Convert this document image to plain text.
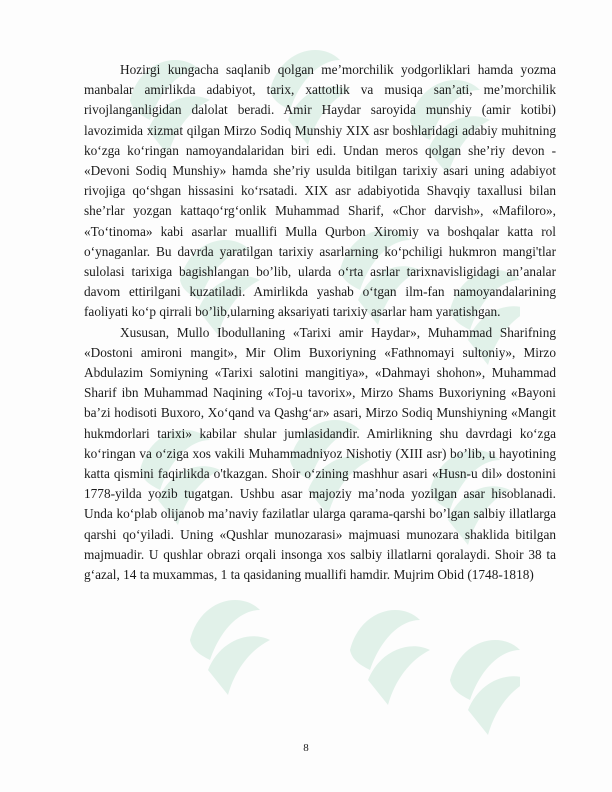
Hozirgi kungacha saqlanib qolgan me’morchilik yodgorliklari hamda yozma manbalar amirlikda adabiyot, tarix, xattotlik va musiqa san’ati, me’morchilik rivojlanganligidan dalolat beradi. Amir Haydar saroyida munshiy (amir kotibi) lavozimida xizmat qilgan Mirzo Sodiq Munshiy XIX asr boshlaridagi adabiy muhitning ko‘zga ko‘ringan namoyandalaridan biri edi. Undan meros qolgan she’riy devon - «Devoni Sodiq Munshiy» hamda she’riy usulda bitilgan tarixiy asari uning adabiyot rivojiga qo‘shgan hissasini ko‘rsatadi. XIX asr adabiyotida Shavqiy taxallusi bilan she’rlar yozgan kattaqo‘rg‘onlik Muhammad Sharif, «Chor darvish», «Mafiloro», «To‘tinoma» kabi asarlar muallifi Mulla Qurbon Xiromiy va boshqalar katta rol o‘ynaganlar. Bu davrda yaratilgan tarixiy asarlarning ko‘pchiligi hukmron mangi'tlar sulolasi tarixiga bagishlangan bo’lib, ularda o‘rta asrlar tarixnavisligidagi an’analar davom ettirilgani kuzatiladi. Amirlikda yashab o‘tgan ilm-fan namoyandalarining faoliyati ko‘p qirrali bo’lib,ularning aksariyati tarixiy asarlar ham yaratishgan.

Xususan, Mullo Ibodullaning «Tarixi amir Haydar», Muhammad Sharifning «Dostoni amironi mangit», Mir Olim Buxoriyning «Fathnomayi sultoniy», Mirzo Abdulazim Somiyning «Tarixi salotini mangitiya», «Dahmayi shohon», Muhammad Sharif ibn Muhammad Naqining «Toj-u tavorix», Mirzo Shams Buxoriyning «Bayoni ba’zi hodisoti Buxoro, Xo‘qand va Qashg‘ar» asari, Mirzo Sodiq Munshiyning «Mangit hukmdorlari tarixi» kabilar shular jumlasidandir. Amirlikning shu davrdagi ko‘zga ko‘ringan va o‘ziga xos vakili Muhammadniyoz Nishotiy (XIII asr) bo’lib, u hayotining katta qismini faqirlikda o'tkazgan. Shoir o‘zining mashhur asari «Husn-u dil» dostonini 1778-yilda yozib tugatgan. Ushbu asar majoziy ma’noda yozilgan asar hisoblanadi. Unda ko‘plab olijanob ma’naviy fazilatlar ularga qarama-qarshi bo’lgan salbiy illatlarga qarshi qo‘yiladi. Uning «Qushlar munozarasi» majmuasi munozara shaklida bitilgan majmuadir. U qushlar obrazi orqali insonga xos salbiy illatlarni qoralaydi. Shoir 38 ta g‘azal, 14 ta muxammas, 1 ta qasidaning muallifi hamdir. Mujrim Obid (1748-1818)

8
